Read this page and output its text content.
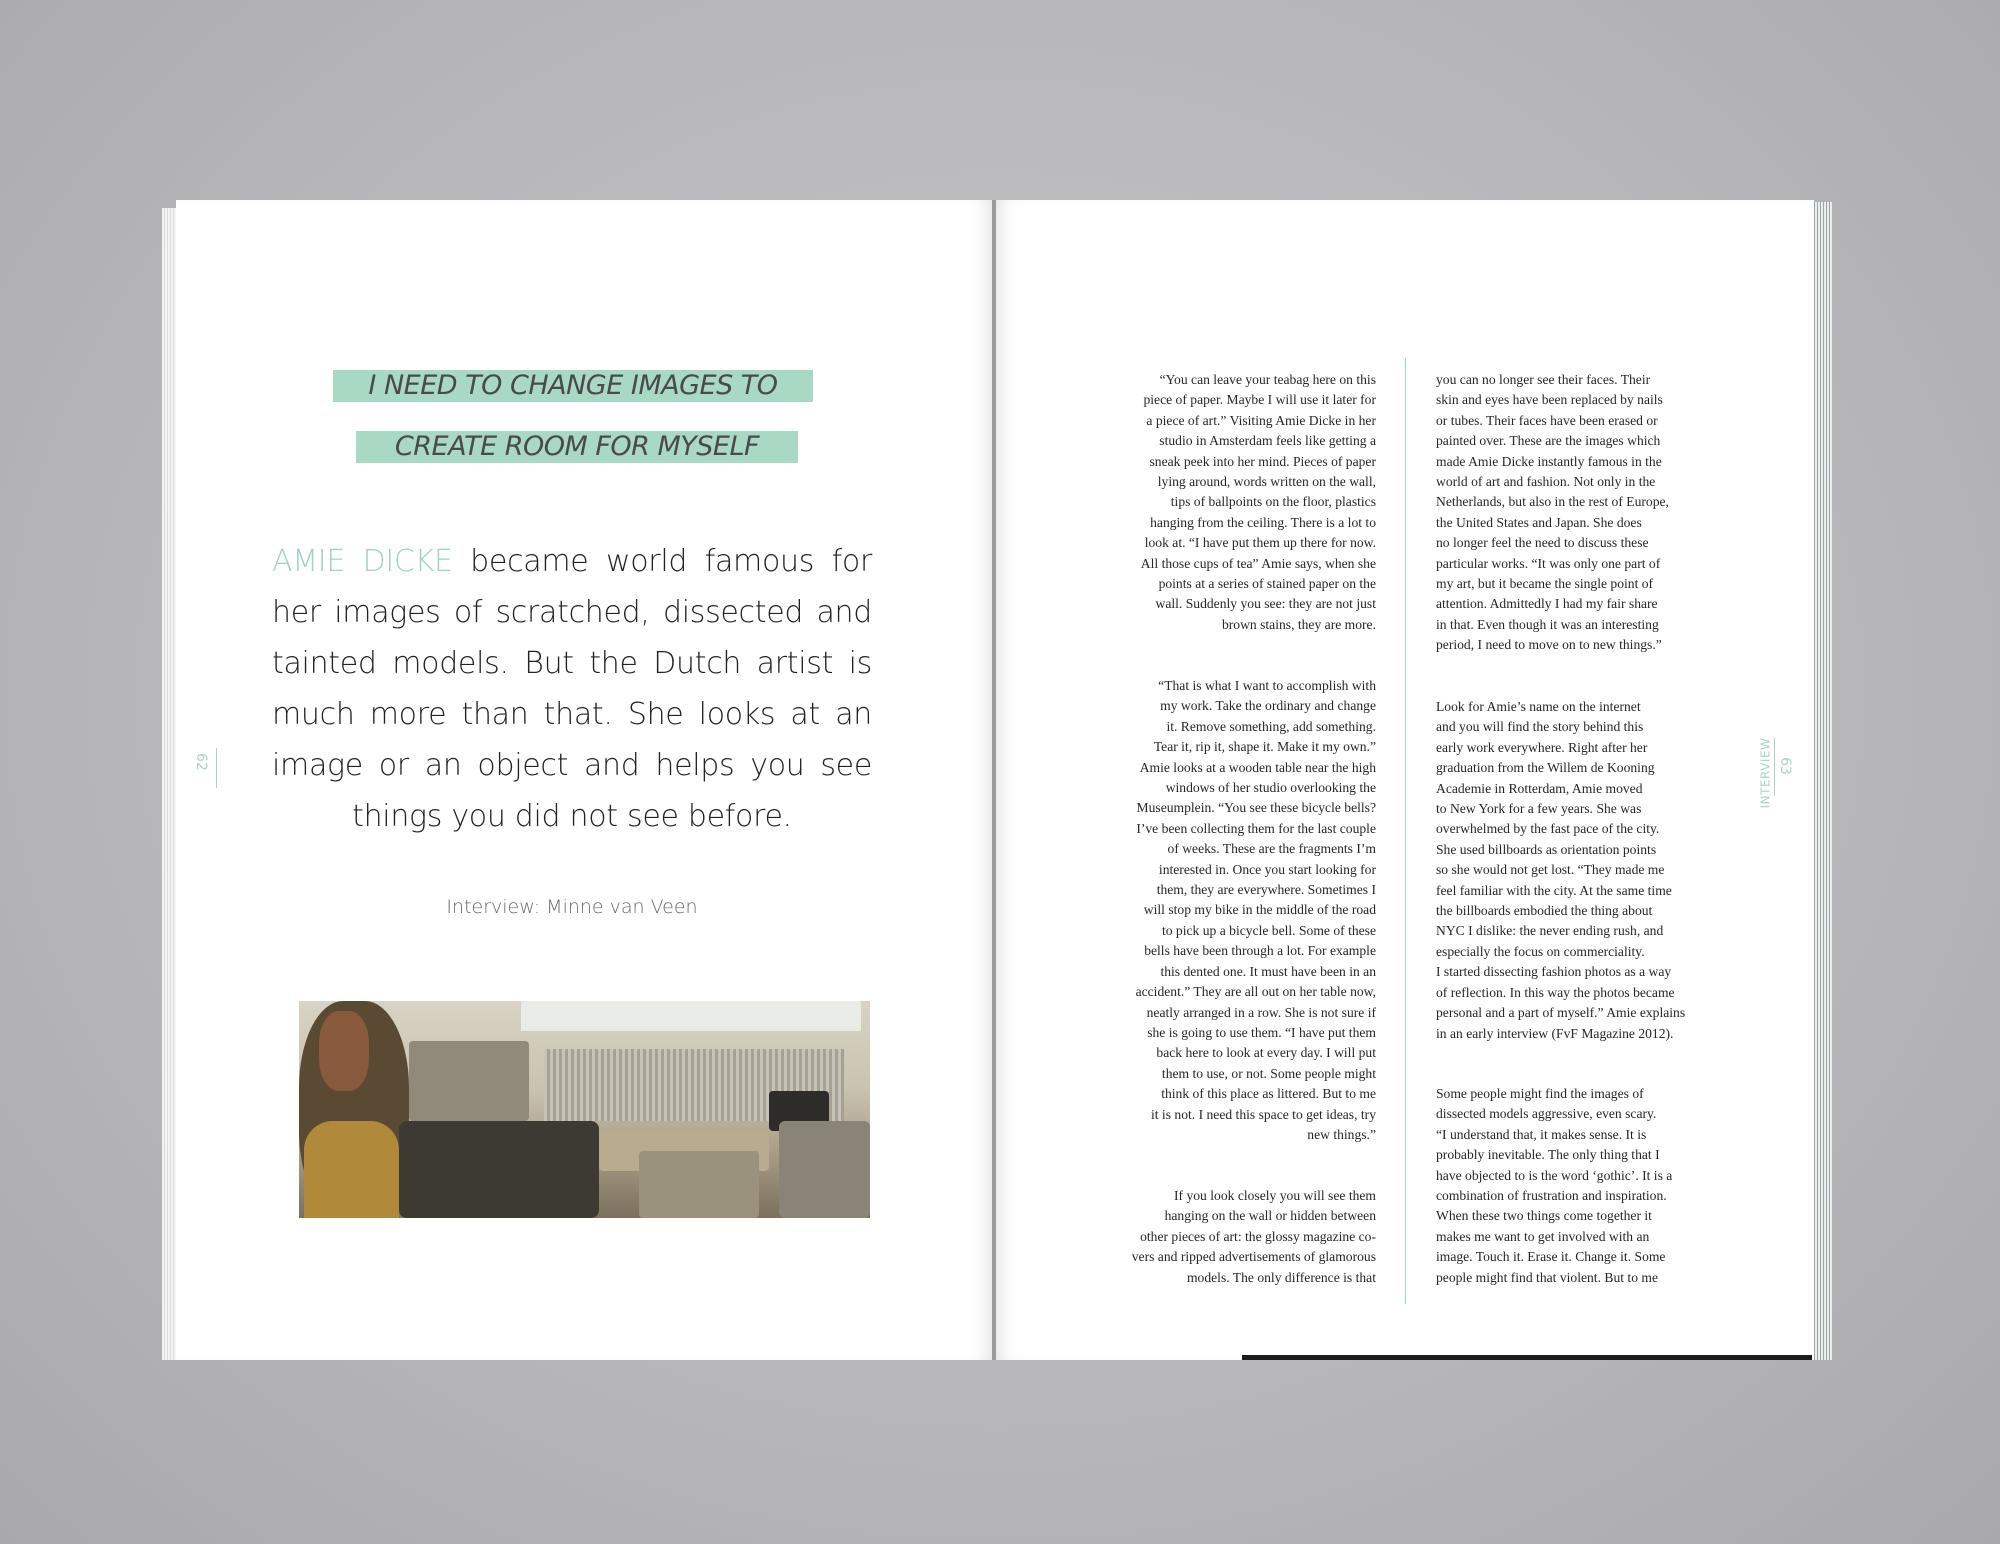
I NEED TO CHANGE IMAGES TO
CREATE ROOM FOR MYSELF
AMIE DICKE became world famous for her images of scratched, dissected and tainted models. But the Dutch artist is much more than that. She looks at an image or an object and helps you see things you did not see before.
Interview: Minne van Veen
62
“You can leave your teabag here on this
piece of paper. Maybe I will use it later for
a piece of art.” Visiting Amie Dicke in her
studio in Amsterdam feels like getting a
sneak peek into her mind. Pieces of paper
lying around, words written on the wall,
tips of ballpoints on the floor, plastics
hanging from the ceiling. There is a lot to
look at. “I have put them up there for now.
All those cups of tea” Amie says, when she
points at a series of stained paper on the
wall. Suddenly you see: they are not just
brown stains, they are more.
“That is what I want to accomplish with
my work. Take the ordinary and change
it. Remove something, add something.
Tear it, rip it, shape it. Make it my own.”
Amie looks at a wooden table near the high
windows of her studio overlooking the
Museumplein. “You see these bicycle bells?
I’ve been collecting them for the last couple
of weeks. These are the fragments I’m
interested in. Once you start looking for
them, they are everywhere. Sometimes I
will stop my bike in the middle of the road
to pick up a bicycle bell. Some of these
bells have been through a lot. For example
this dented one. It must have been in an
accident.” They are all out on her table now,
neatly arranged in a row. She is not sure if
she is going to use them. “I have put them
back here to look at every day. I will put
them to use, or not. Some people might
think of this place as littered. But to me
it is not. I need this space to get ideas, try
new things.”
If you look closely you will see them
hanging on the wall or hidden between
other pieces of art: the glossy magazine co-
vers and ripped advertisements of glamorous
models. The only difference is that
you can no longer see their faces. Their
skin and eyes have been replaced by nails
or tubes. Their faces have been erased or
painted over. These are the images which
made Amie Dicke instantly famous in the
world of art and fashion. Not only in the
Netherlands, but also in the rest of Europe,
the United States and Japan. She does
no longer feel the need to discuss these
particular works. “It was only one part of
my art, but it became the single point of
attention. Admittedly I had my fair share
in that. Even though it was an interesting
period, I need to move on to new things.”
Look for Amie’s name on the internet
and you will find the story behind this
early work everywhere. Right after her
graduation from the Willem de Kooning
Academie in Rotterdam, Amie moved
to New York for a few years. She was
overwhelmed by the fast pace of the city.
She used billboards as orientation points
so she would not get lost. “They made me
feel familiar with the city. At the same time
the billboards embodied the thing about
NYC I dislike: the never ending rush, and
especially the focus on commerciality.
I started dissecting fashion photos as a way
of reflection. In this way the photos became
personal and a part of myself.” Amie explains
in an early interview (FvF Magazine 2012).
Some people might find the images of
dissected models aggressive, even scary.
“I understand that, it makes sense. It is
probably inevitable. The only thing that I
have objected to is the word ‘gothic’. It is a
combination of frustration and inspiration.
When these two things come together it
makes me want to get involved with an
image. Touch it. Erase it. Change it. Some
people might find that violent. But to me
INTERVIEW 63
